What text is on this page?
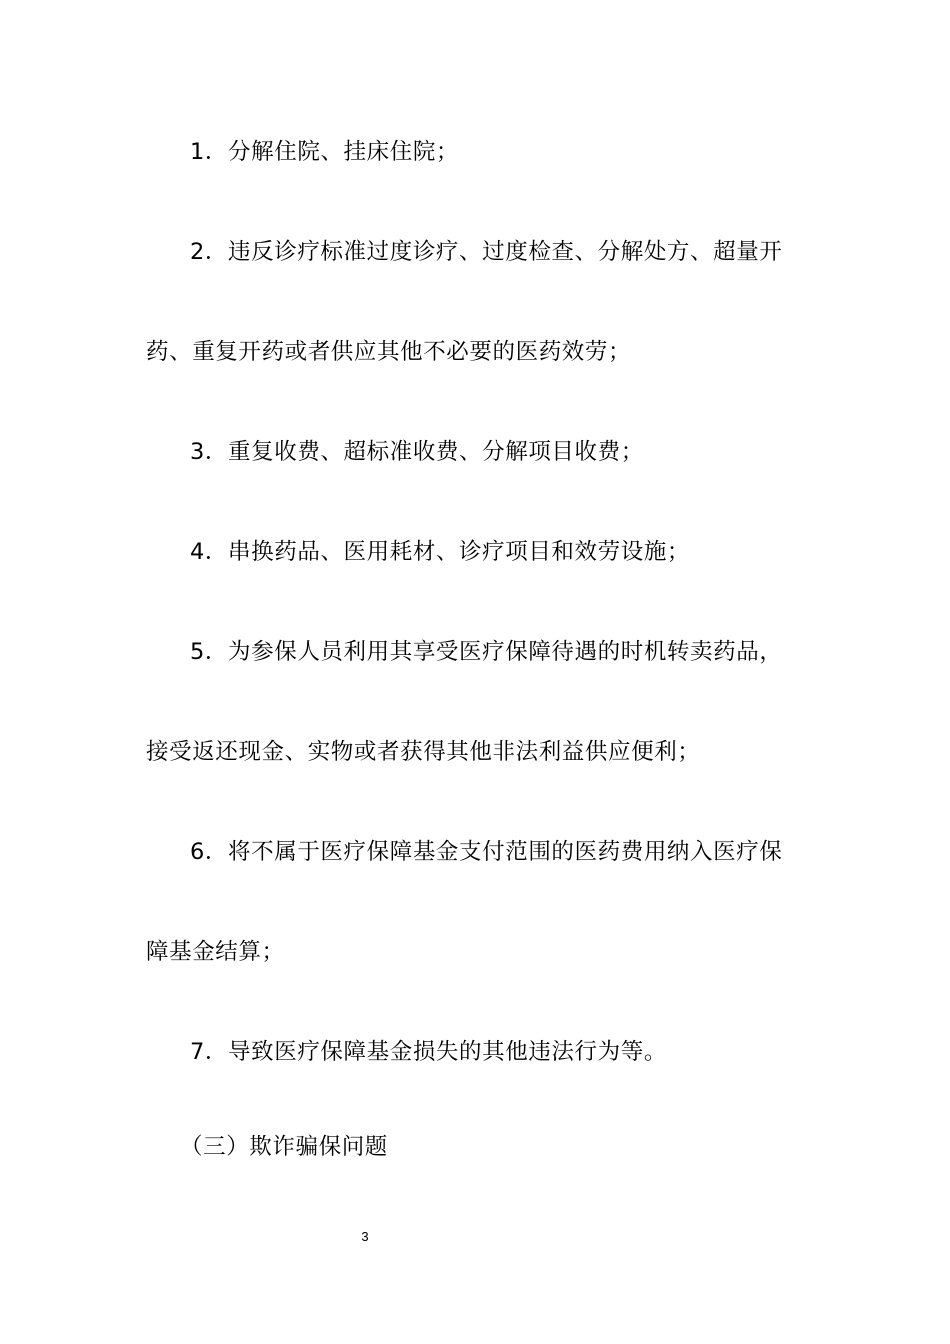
1．分解住院、挂床住院；
2．违反诊疗标准过度诊疗、过度检查、分解处方、超量开
药、重复开药或者供应其他不必要的医药效劳；
3．重复收费、超标准收费、分解项目收费；
4．串换药品、医用耗材、诊疗项目和效劳设施；
5．为参保人员利用其享受医疗保障待遇的时机转卖药品，
接受返还现金、实物或者获得其他非法利益供应便利；
6．将不属于医疗保障基金支付范围的医药费用纳入医疗保
障基金结算；
7．导致医疗保障基金损失的其他违法行为等。
（三）欺诈骗保问题
3
